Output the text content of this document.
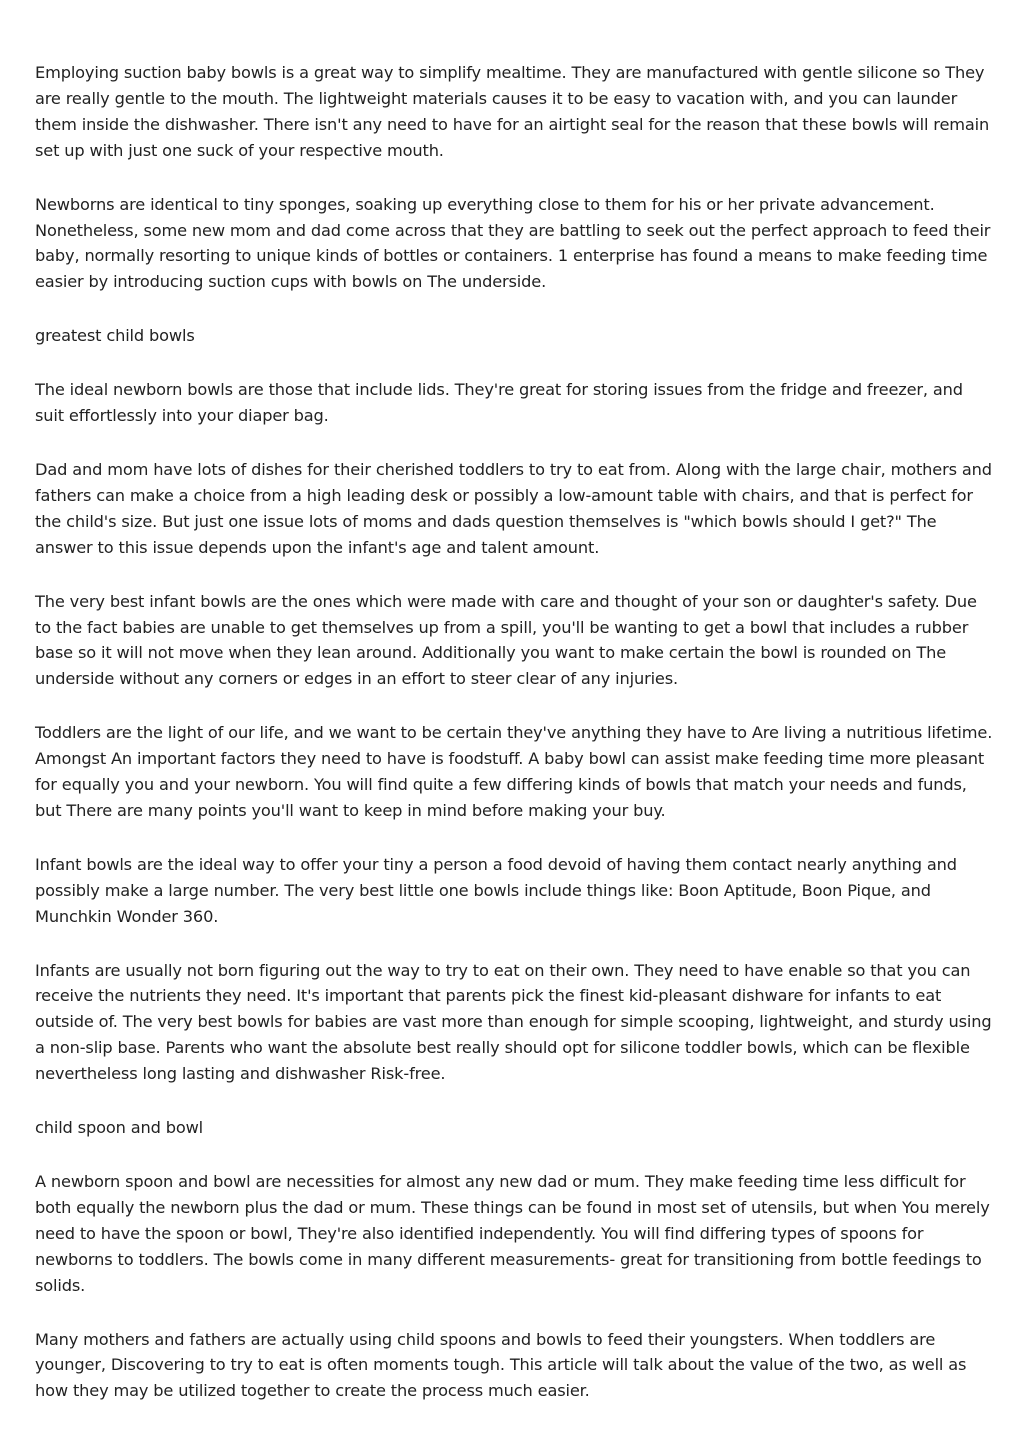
Employing suction baby bowls is a great way to simplify mealtime. They are manufactured with gentle silicone so They are really gentle to the mouth. The lightweight materials causes it to be easy to vacation with, and you can launder them inside the dishwasher. There isn't any need to have for an airtight seal for the reason that these bowls will remain set up with just one suck of your respective mouth.

Newborns are identical to tiny sponges, soaking up everything close to them for his or her private advancement. Nonetheless, some new mom and dad come across that they are battling to seek out the perfect approach to feed their baby, normally resorting to unique kinds of bottles or containers. 1 enterprise has found a means to make feeding time easier by introducing suction cups with bowls on The underside.

greatest child bowls

The ideal newborn bowls are those that include lids. They're great for storing issues from the fridge and freezer, and suit effortlessly into your diaper bag.

Dad and mom have lots of dishes for their cherished toddlers to try to eat from. Along with the large chair, mothers and fathers can make a choice from a high leading desk or possibly a low-amount table with chairs, and that is perfect for the child's size. But just one issue lots of moms and dads question themselves is "which bowls should I get?" The answer to this issue depends upon the infant's age and talent amount.

The very best infant bowls are the ones which were made with care and thought of your son or daughter's safety. Due to the fact babies are unable to get themselves up from a spill, you'll be wanting to get a bowl that includes a rubber base so it will not move when they lean around. Additionally you want to make certain the bowl is rounded on The underside without any corners or edges in an effort to steer clear of any injuries.

Toddlers are the light of our life, and we want to be certain they've anything they have to Are living a nutritious lifetime. Amongst An important factors they need to have is foodstuff. A baby bowl can assist make feeding time more pleasant for equally you and your newborn. You will find quite a few differing kinds of bowls that match your needs and funds, but There are many points you'll want to keep in mind before making your buy.

Infant bowls are the ideal way to offer your tiny a person a food devoid of having them contact nearly anything and possibly make a large number. The very best little one bowls include things like: Boon Aptitude, Boon Pique, and Munchkin Wonder 360.

Infants are usually not born figuring out the way to try to eat on their own. They need to have enable so that you can receive the nutrients they need. It's important that parents pick the finest kid-pleasant dishware for infants to eat outside of. The very best bowls for babies are vast more than enough for simple scooping, lightweight, and sturdy using a non-slip base. Parents who want the absolute best really should opt for silicone toddler bowls, which can be flexible nevertheless long lasting and dishwasher Risk-free.

child spoon and bowl

A newborn spoon and bowl are necessities for almost any new dad or mum. They make feeding time less difficult for both equally the newborn plus the dad or mum. These things can be found in most set of utensils, but when You merely need to have the spoon or bowl, They're also identified independently. You will find differing types of spoons for newborns to toddlers. The bowls come in many different measurements- great for transitioning from bottle feedings to solids.

Many mothers and fathers are actually using child spoons and bowls to feed their youngsters. When toddlers are younger, Discovering to try to eat is often moments tough. This article will talk about the value of the two, as well as how they may be utilized together to create the process much easier.
